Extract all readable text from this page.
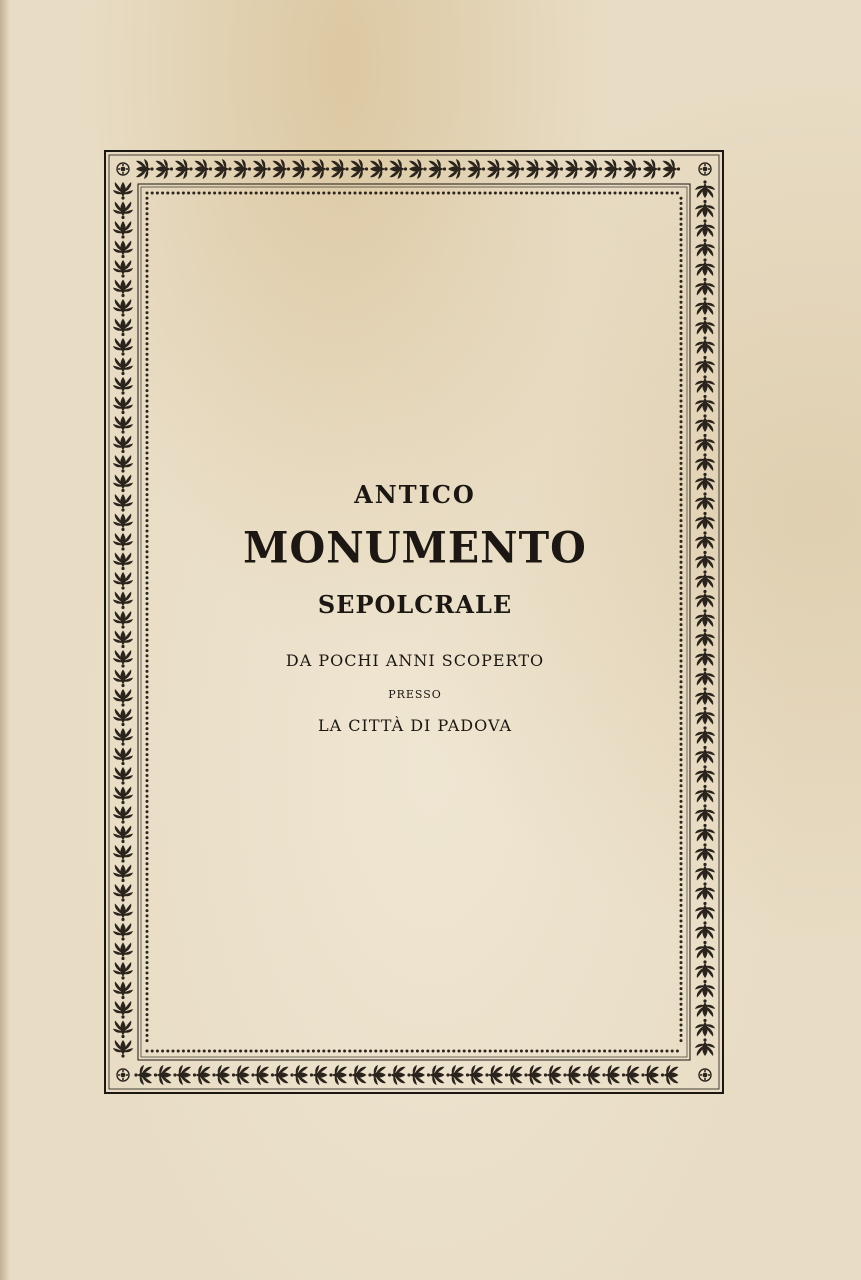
ANTICO
MONUMENTO
SEPOLCRALE
DA POCHI ANNI SCOPERTO
PRESSO
LA CITTÀ DI PADOVA
